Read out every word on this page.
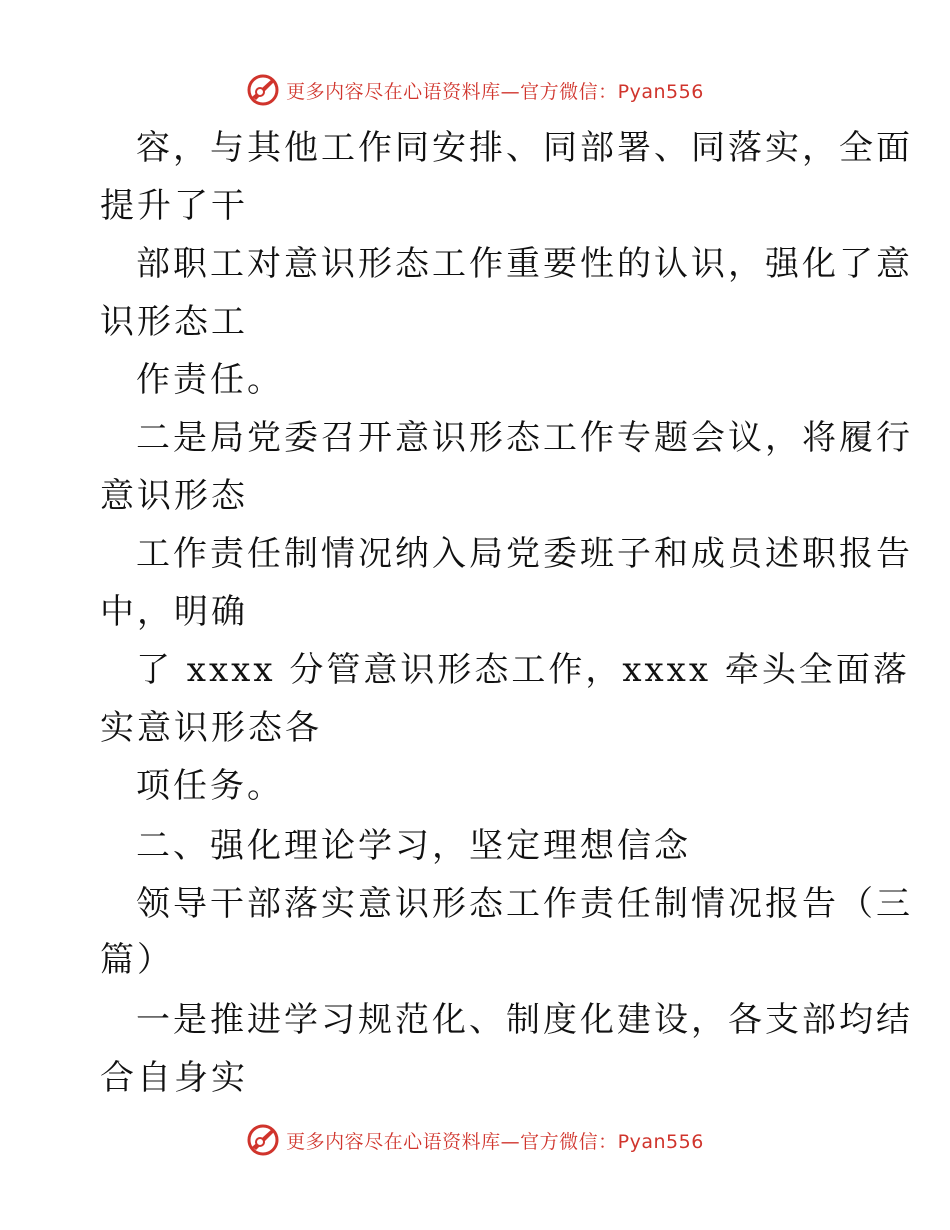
更多内容尽在心语资料库—官方微信：Pyan556
容，与其他工作同安排、同部署、同落实，全面
提升了干
部职工对意识形态工作重要性的认识，强化了意
识形态工
作责任。
二是局党委召开意识形态工作专题会议，将履行
意识形态
工作责任制情况纳入局党委班子和成员述职报告
中，明确
了 xxxx 分管意识形态工作，xxxx 牵头全面落
实意识形态各
项任务。
二、强化理论学习，坚定理想信念
领导干部落实意识形态工作责任制情况报告（三
篇）
一是推进学习规范化、制度化建设，各支部均结
合自身实
更多内容尽在心语资料库—官方微信：Pyan556
